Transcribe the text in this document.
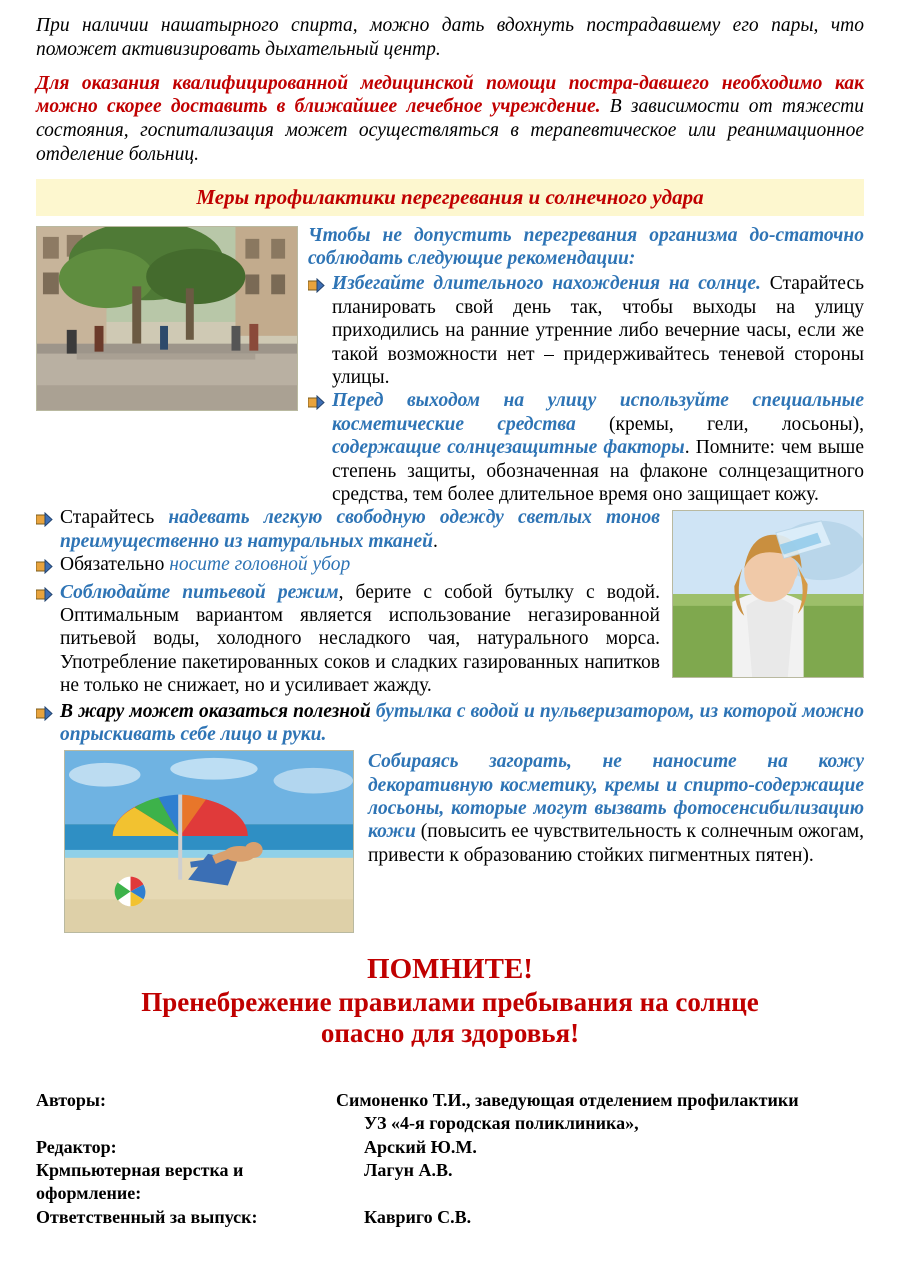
При наличии нашатырного спирта, можно дать вдохнуть пострадавшему его пары, что поможет активизировать дыхательный центр.

Для оказания квалифицированной медицинской помощи постра-давшего необходимо как можно скорее доставить в ближайшее лечебное учреждение. В зависимости от тяжести состояния, госпитализация может осуществляться в терапевтическое или реанимационное отделение больниц.

Меры профилактики перегревания и солнечного удара

Чтобы не допустить перегревания организма до-статочно соблюдать следующие рекомендации:

Избегайте длительного нахождения на солнце. Старайтесь планировать свой день так, чтобы выходы на улицу приходились на ранние утренние либо вечерние часы, если же такой возможности нет – придерживайтесь теневой стороны улицы.
Перед выходом на улицу используйте специальные косметические средства (кремы, гели, лосьоны), содержащие солнцезащитные факторы. Помните: чем выше степень защиты, обозначенная на флаконе солнцезащитного средства, тем более длительное время оно защищает кожу.
Старайтесь надевать легкую свободную одежду светлых тонов преимущественно из натуральных тканей.
Обязательно носите головной убор
Соблюдайте питьевой режим, берите с собой бутылку с водой. Оптимальным вариантом является использование негазированной питьевой воды, холодного несладкого чая, натурального морса. Употребление пакетированных соков и сладких газированных напитков не только не снижает, но и усиливает жажду.
В жару может оказаться полезной бутылка с водой и пульверизатором, из которой можно опрыскивать себе лицо и руки.

Собираясь загорать, не наносите на кожу декоративную косметику, кремы и спирто-содержащие лосьоны, которые могут вызвать фотосенсибилизацию кожи (повысить ее чувствительность к солнечным ожогам, привести к образованию стойких пигментных пятен).

ПОМНИТЕ!
Пренебрежение правилами пребывания на солнце
опасно для здоровья!
Авторы:	Симоненко Т.И., заведующая отделением профилактики
УЗ «4-я городская поликлиника»,
Редактор:	Арский Ю.М.
Крмпьютерная верстка и оформление:
Лагун А.В.
Ответственный за выпуск:	Кавриго С.В.
